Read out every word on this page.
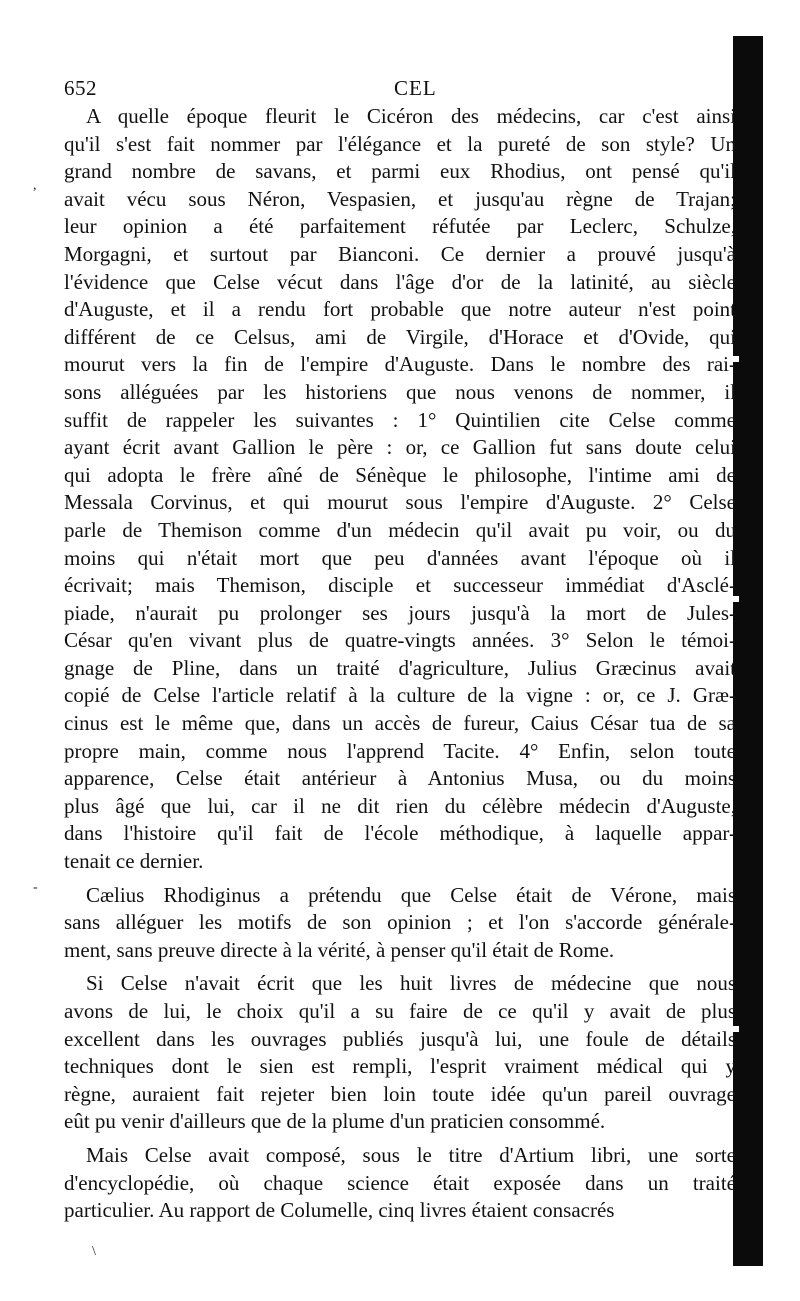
652	CEL
,
-
\
A quelle époque fleurit le Cicéron des médecins, car c'est ainsi
qu'il s'est fait nommer par l'élégance et la pureté de son style? Un
grand nombre de savans, et parmi eux Rhodius, ont pensé qu'il
avait vécu sous Néron, Vespasien, et jusqu'au règne de Trajan;
leur opinion a été parfaitement réfutée par Leclerc, Schulze,
Morgagni, et surtout par Bianconi. Ce dernier a prouvé jusqu'à
l'évidence que Celse vécut dans l'âge d'or de la latinité, au siècle
d'Auguste, et il a rendu fort probable que notre auteur n'est point
différent de ce Celsus, ami de Virgile, d'Horace et d'Ovide, qui
mourut vers la fin de l'empire d'Auguste. Dans le nombre des rai-
sons alléguées par les historiens que nous venons de nommer, il
suffit de rappeler les suivantes : 1° Quintilien cite Celse comme
ayant écrit avant Gallion le père : or, ce Gallion fut sans doute celui
qui adopta le frère aîné de Sénèque le philosophe, l'intime ami de
Messala Corvinus, et qui mourut sous l'empire d'Auguste. 2° Celse
parle de Themison comme d'un médecin qu'il avait pu voir, ou du
moins qui n'était mort que peu d'années avant l'époque où il
écrivait; mais Themison, disciple et successeur immédiat d'Asclé-
piade, n'aurait pu prolonger ses jours jusqu'à la mort de Jules-
César qu'en vivant plus de quatre-vingts années. 3° Selon le témoi-
gnage de Pline, dans un traité d'agriculture, Julius Græcinus avait
copié de Celse l'article relatif à la culture de la vigne : or, ce J. Græ-
cinus est le même que, dans un accès de fureur, Caius César tua de sa
propre main, comme nous l'apprend Tacite. 4° Enfin, selon toute
apparence, Celse était antérieur à Antonius Musa, ou du moins
plus âgé que lui, car il ne dit rien du célèbre médecin d'Auguste,
dans l'histoire qu'il fait de l'école méthodique, à laquelle appar-
tenait ce dernier.
Cælius Rhodiginus a prétendu que Celse était de Vérone, mais
sans alléguer les motifs de son opinion ; et l'on s'accorde générale-
ment, sans preuve directe à la vérité, à penser qu'il était de Rome.
Si Celse n'avait écrit que les huit livres de médecine que nous
avons de lui, le choix qu'il a su faire de ce qu'il y avait de plus
excellent dans les ouvrages publiés jusqu'à lui, une foule de détails
techniques dont le sien est rempli, l'esprit vraiment médical qui y
règne, auraient fait rejeter bien loin toute idée qu'un pareil ouvrage
eût pu venir d'ailleurs que de la plume d'un praticien consommé.
Mais Celse avait composé, sous le titre d'Artium libri, une sorte
d'encyclopédie, où chaque science était exposée dans un traité
particulier. Au rapport de Columelle, cinq livres étaient consacrés
